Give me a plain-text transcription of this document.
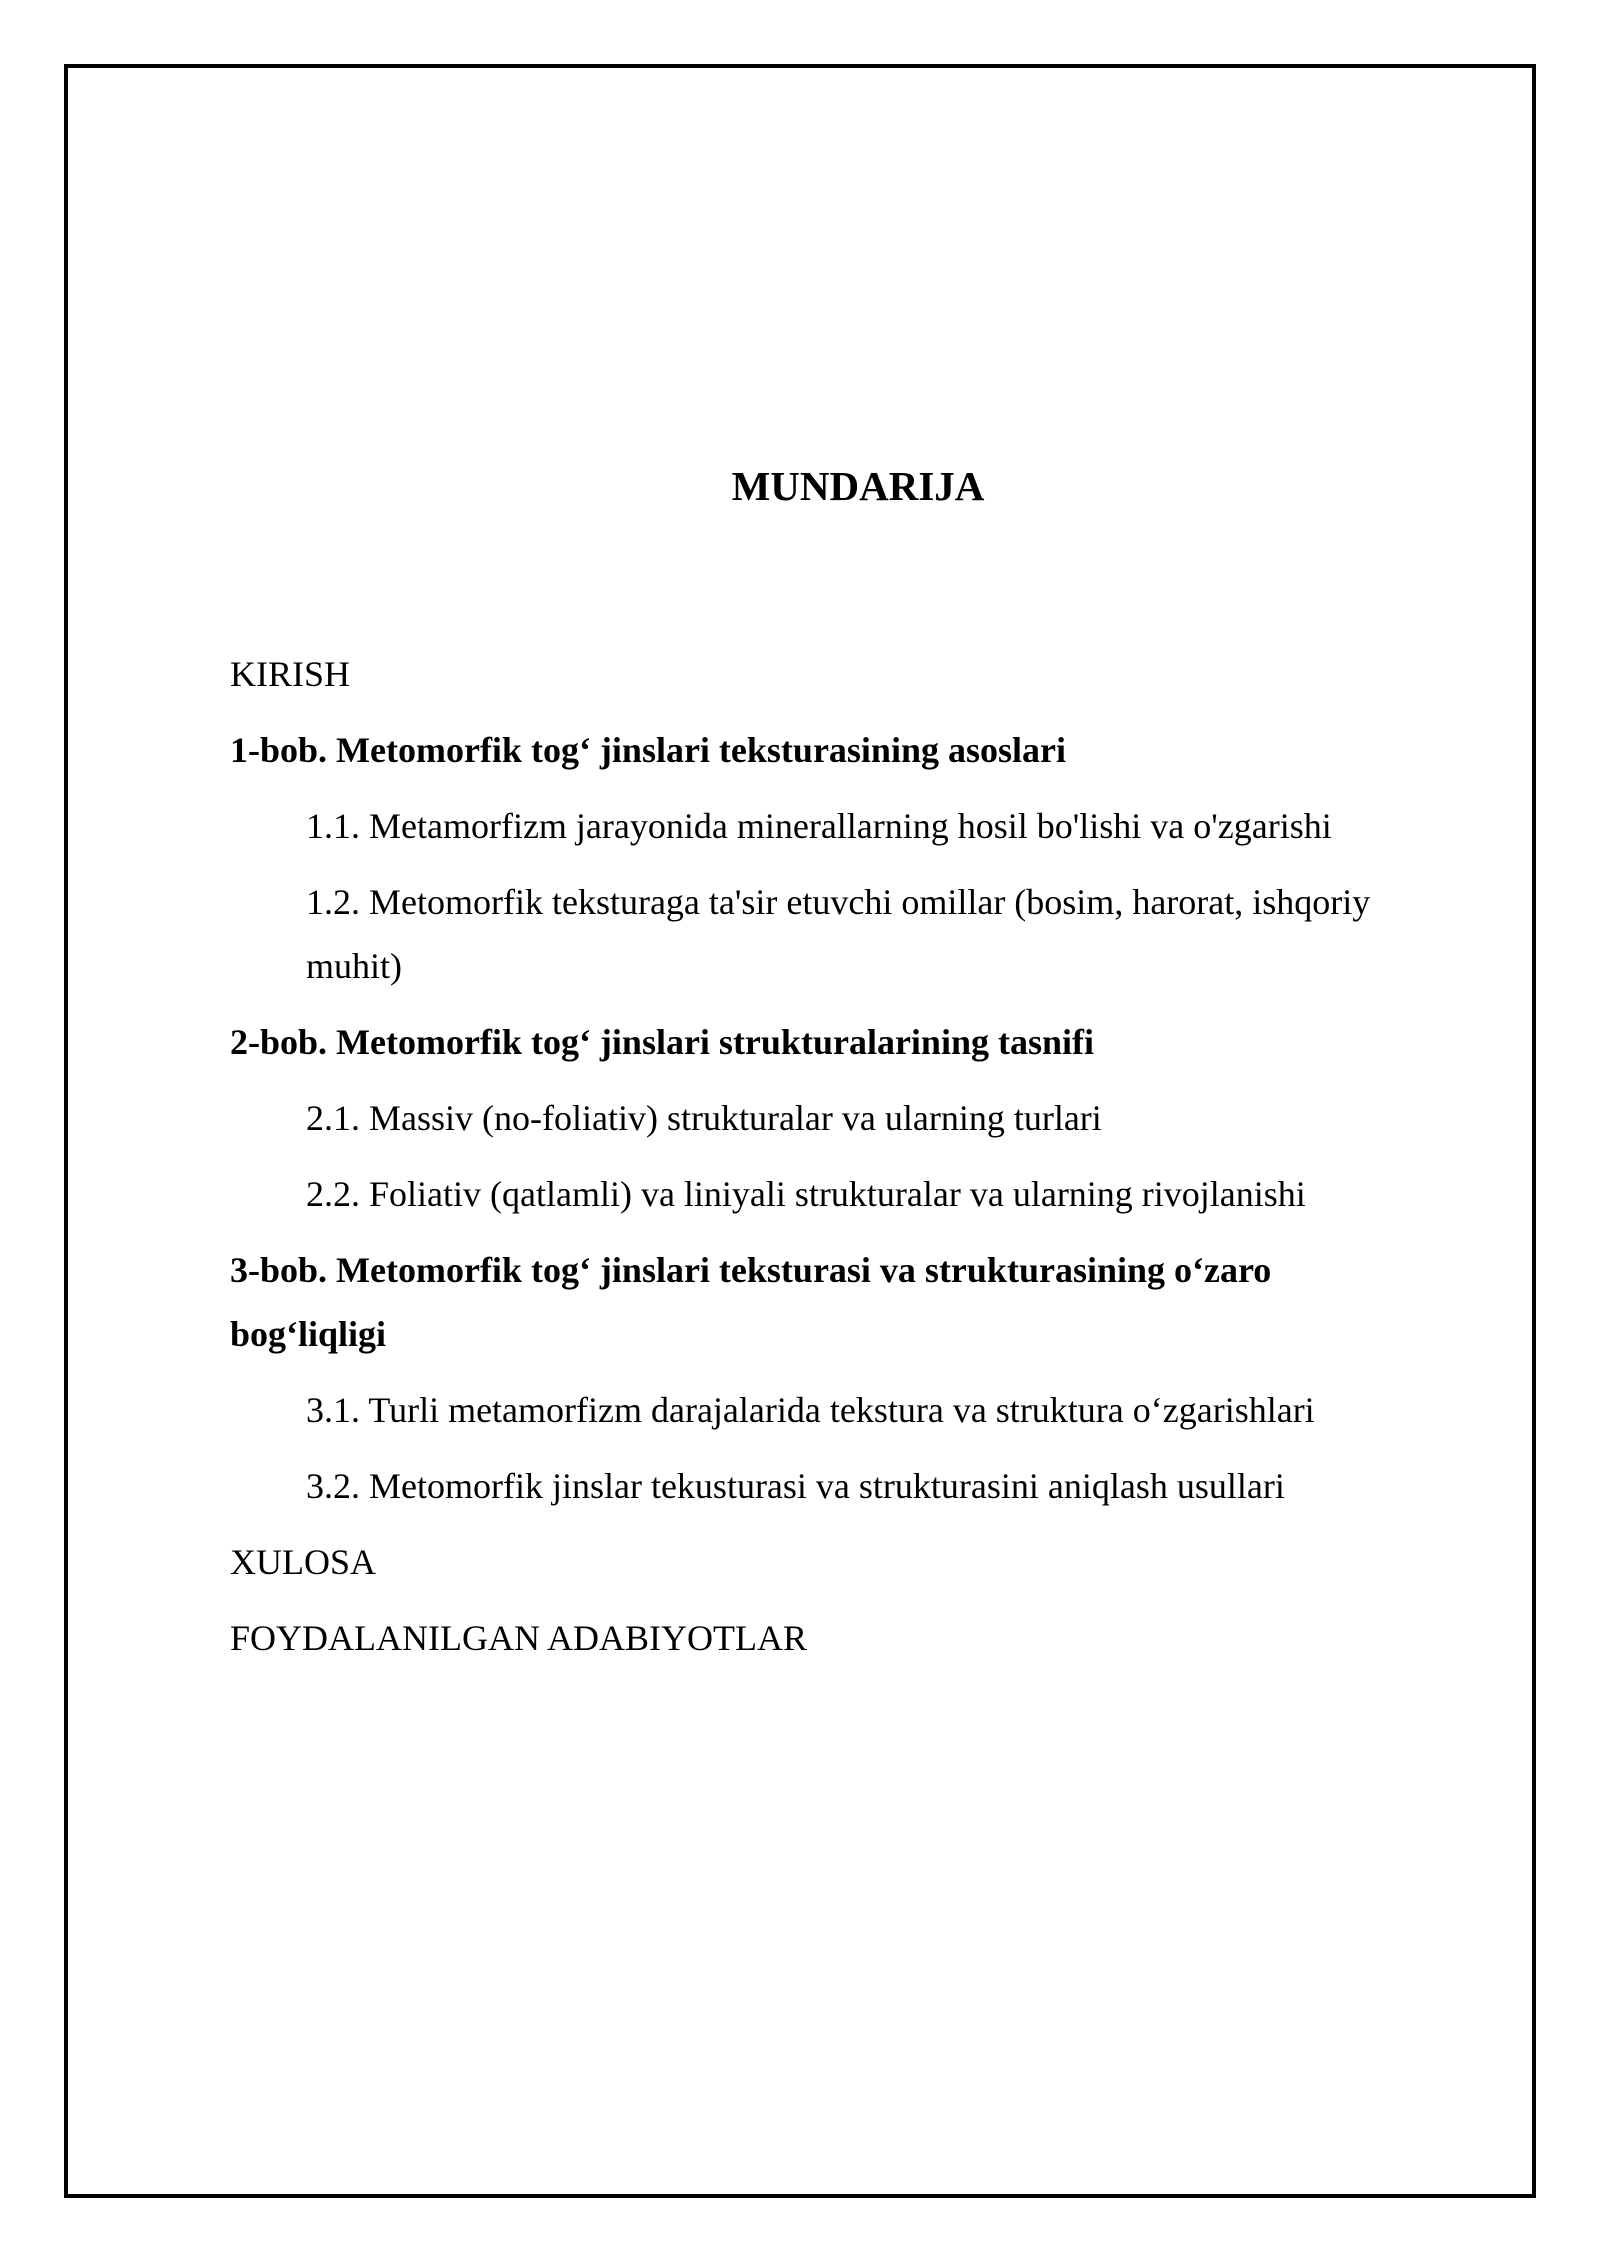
MUNDARIJA
KIRISH
1-bob. Metomorfik tog‘ jinslari teksturasining asoslari
1.1. Metamorfizm jarayonida minerallarning hosil bo'lishi va o'zgarishi
1.2. Metomorfik teksturaga ta'sir etuvchi omillar (bosim, harorat, ishqoriy muhit)
2-bob. Metomorfik tog‘ jinslari strukturalarining tasnifi
2.1. Massiv (no-foliativ) strukturalar va ularning turlari
2.2. Foliativ (qatlamli) va liniyali strukturalar va ularning rivojlanishi
3-bob. Metomorfik tog‘ jinslari teksturasi va strukturasining o‘zaro bog‘liqligi
3.1. Turli metamorfizm darajalarida tekstura va struktura o‘zgarishlari
3.2. Metomorfik jinslar tekusturasi va strukturasini aniqlash usullari
XULOSA
FOYDALANILGAN ADABIYOTLAR
